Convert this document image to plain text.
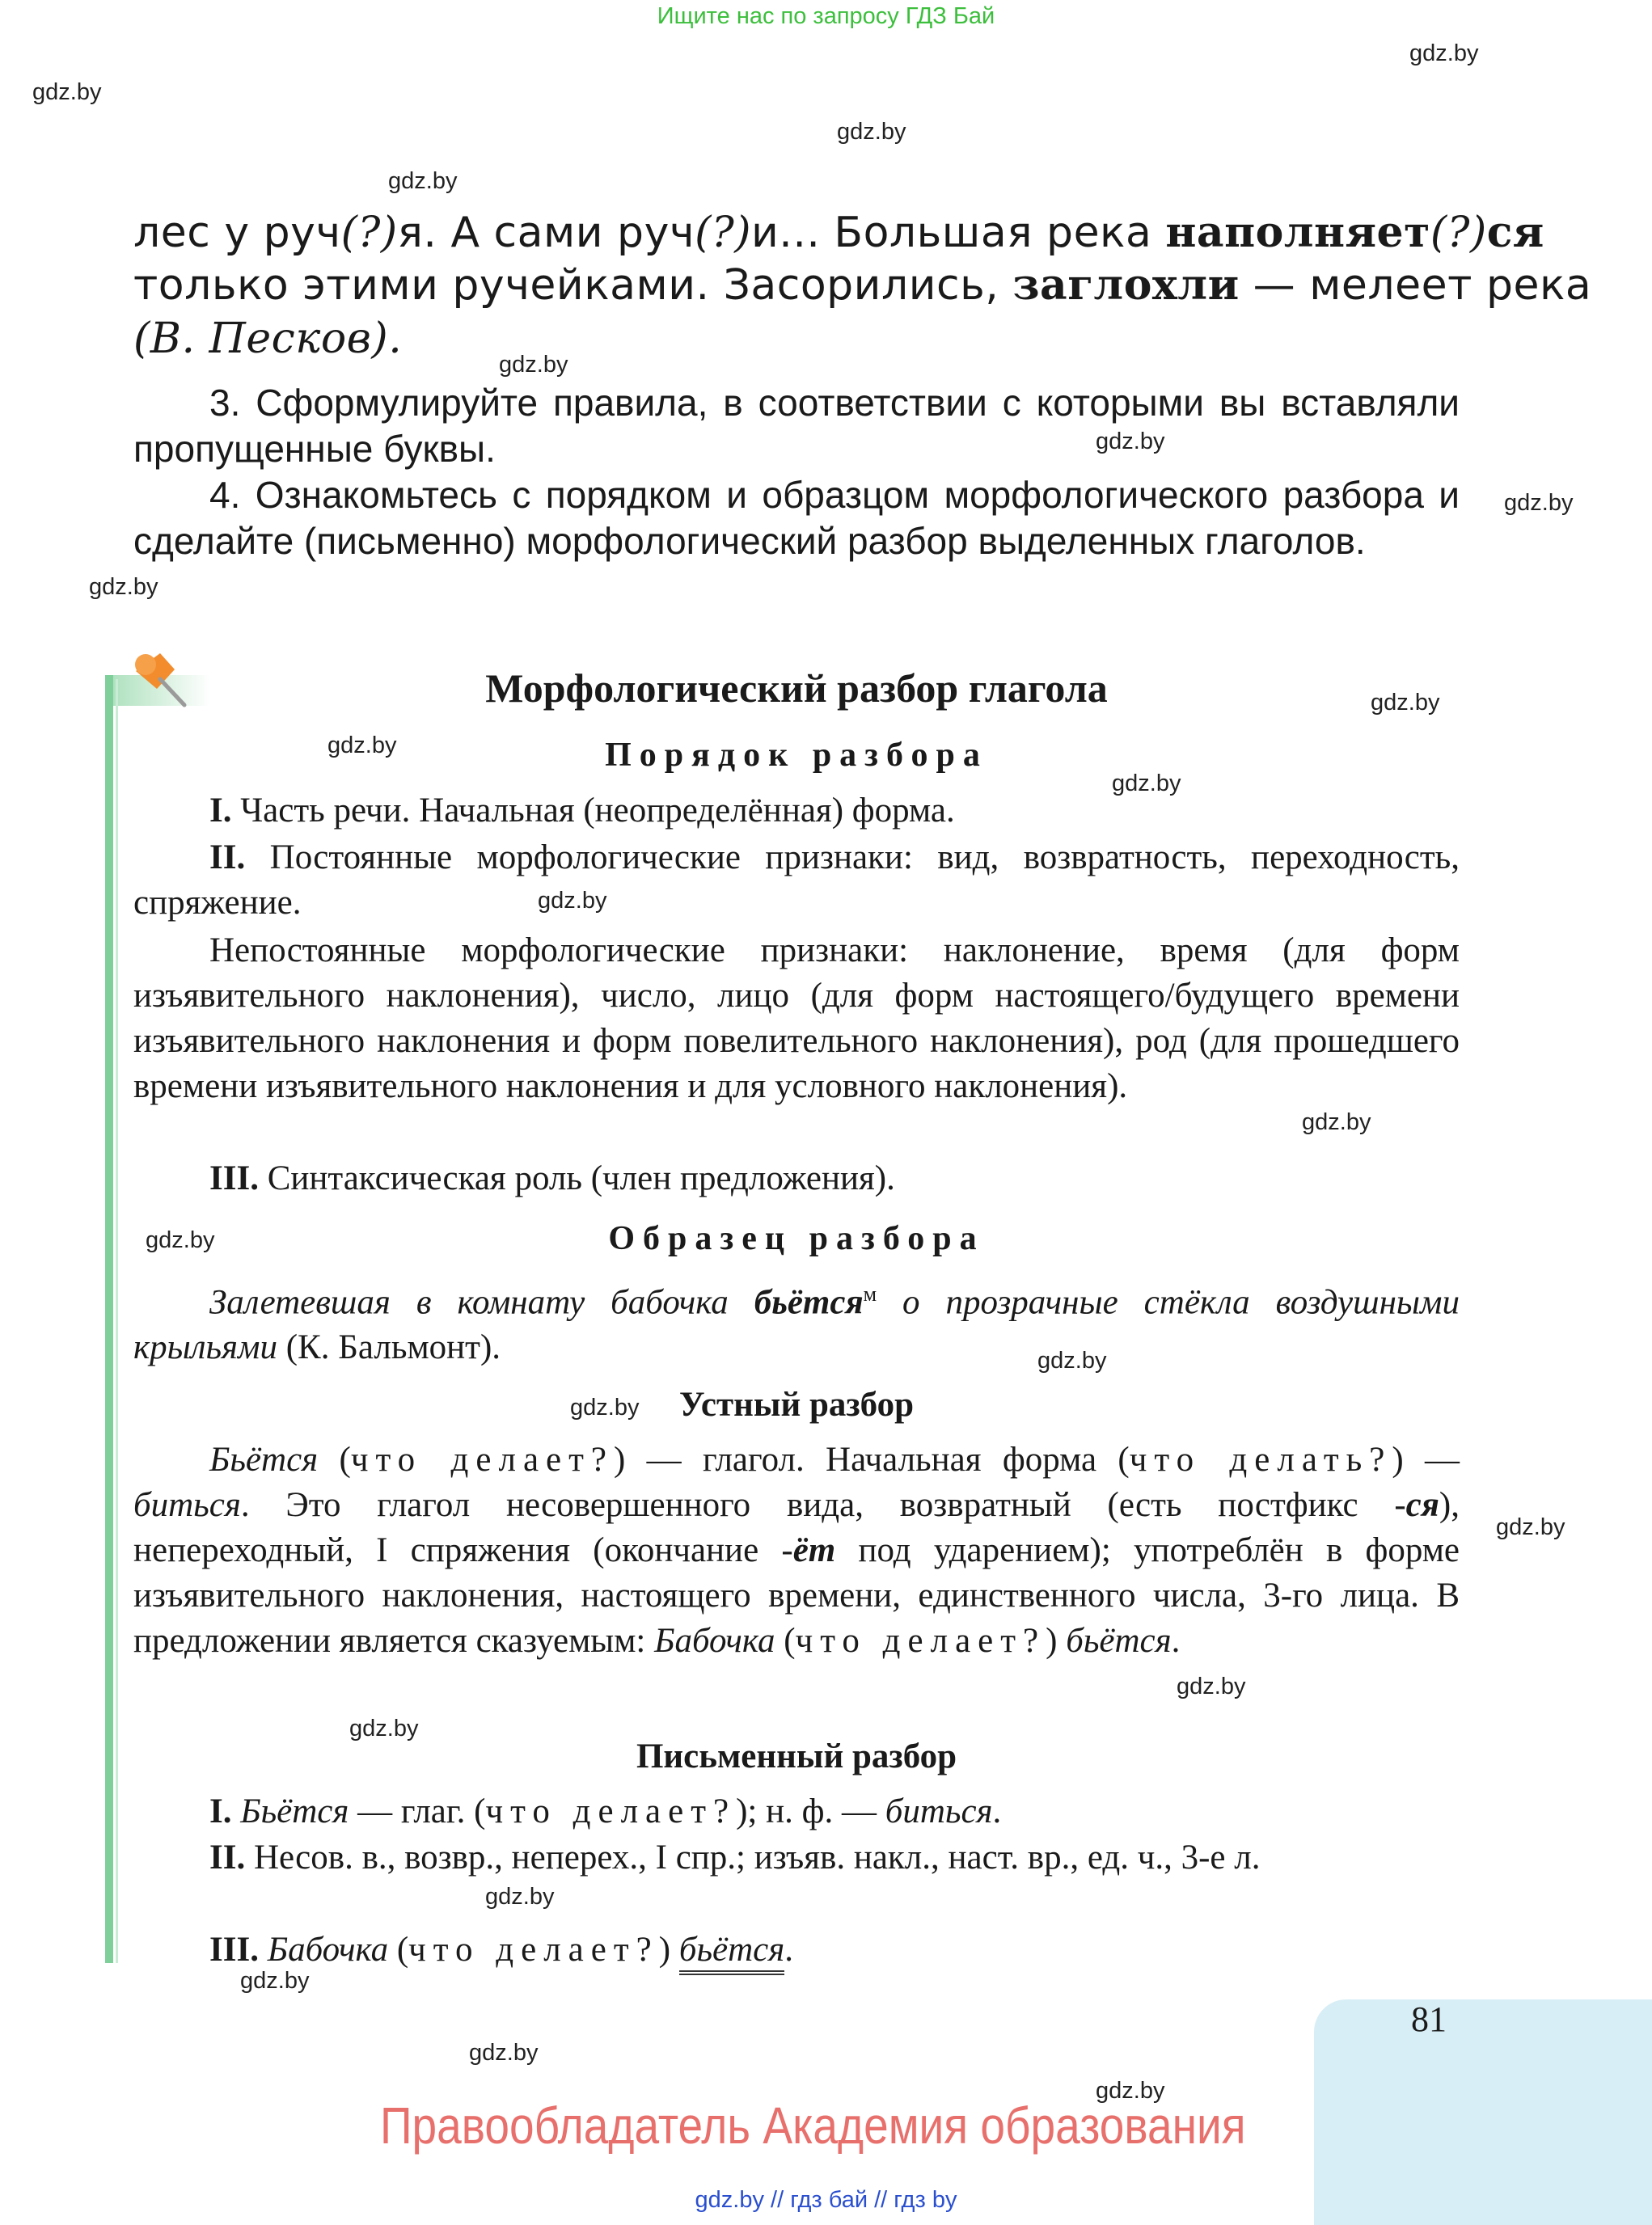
Ищите нас по запросу ГДЗ Бай
gdz.by
gdz.by
gdz.by
gdz.by
gdz.by
gdz.by
gdz.by
gdz.by
gdz.by
gdz.by
gdz.by
gdz.by
gdz.by
gdz.by
gdz.by
gdz.by
gdz.by
gdz.by
gdz.by
gdz.by
gdz.by
gdz.by
gdz.by
лес у руч(?)я. А сами руч(?)и... Большая река наполняет(?)ся
только этими ручейками. Засорились, заглохли — мелеет река
(В. Песков).
3. Сформулируйте правила, в соответствии с которыми вы вставляли пропущенные буквы.
4. Ознакомьтесь с порядком и образцом морфологического разбора и сделайте (письменно) морфологический разбор выделенных глаголов.
Морфологический разбор глагола
Порядок разбора
I. Часть речи. Начальная (неопределённая) форма.
II. Постоянные морфологические признаки: вид, возвратность, переходность, спряжение.
Непостоянные морфологические признаки: наклонение, время (для форм изъявительного наклонения), число, лицо (для форм настоящего/будущего времени изъявительного наклонения и форм повелительного наклонения), род (для прошедшего времени изъявительного наклонения и для условного наклонения).
III. Синтаксическая роль (член предложения).
Образец разбора
Залетевшая в комнату бабочка бьётся$^м$ о прозрачные стёкла воздушными крыльями (К. Бальмонт).
Устный разбор
Бьётся (что делает?) — глагол. Начальная форма (что делать?) — биться. Это глагол несовершенного вида, возвратный (есть постфикс -ся), непереходный, I спряжения (окончание -ёт под ударением); употреблён в форме изъявительного наклонения, настоящего времени, единственного числа, 3-го лица. В предложении является сказуемым: Бабочка (что делает?) бьётся.
Письменный разбор
I. Бьётся — глаг. (что делает?); н. ф. — биться.
II. Несов. в., возвр., неперех., I спр.; изъяв. накл., наст. вр., ед. ч., 3-е л.
III. Бабочка (что делает?) бьётся.
81
Правообладатель Академия образования
gdz.by // гдз бай // гдз by
